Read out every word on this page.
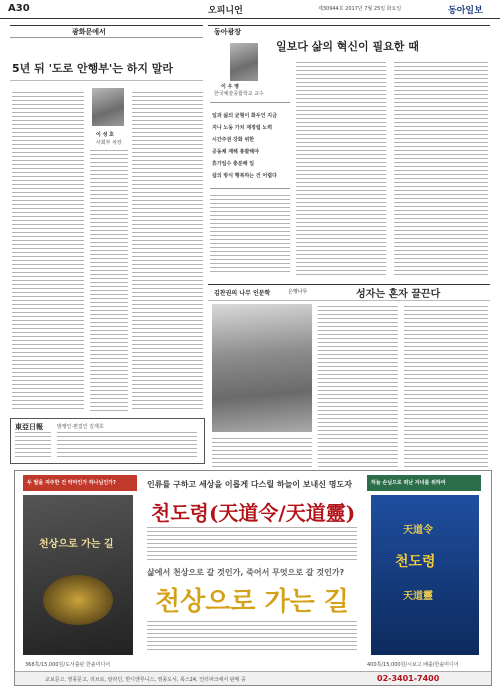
A30	오피니언	제30944호 2017년 7월 25일 화요일	동아일보
광화문에서
5년 뒤 '도로 안행부'는 하지 말라
이 성 호
사회부 차장
東亞日報	발행인·편집인 김재호
동아광장
일보다 삶의 혁신이 필요한 때
이 우 영
한국예술종합학교 교수
일과 삶의 균형이 화두인 지금
지나 노동 가치 재정립 노력
시간주권 강화 위한
공동체 재해 총괄해야
휴가일수 충분해 일
쉼의 방식 행복하는 건 어렵다
김찬권의 나무 인문학	은행나무	성자는 혼자 끌끈다
두 딸을 저주한 건 악마인가 하나님인가?
천상으로 가는 길
368쪽/15,000원/도서출판 한솔미디어
인류를 구하고 세상을 이롭게 다스릴 하늘이 보내신 명도자
천도령(天道令/天道靈)
삶에서 천상으로 갈 것인가, 죽어서 무엇으로 갈 것인가?
천상으로 가는 길
하늘 손님으로 떠난 자녀를 위하여
天道令
천도령
天道靈
400쪽/15,000원/시보고 배출/한솔미디어
교보문고, 영풍문고, 리브로, 알라딘, 반디앤루니스, 영풍도서, 북스24, 인터파크에서 판매 중	02-3401-7400
